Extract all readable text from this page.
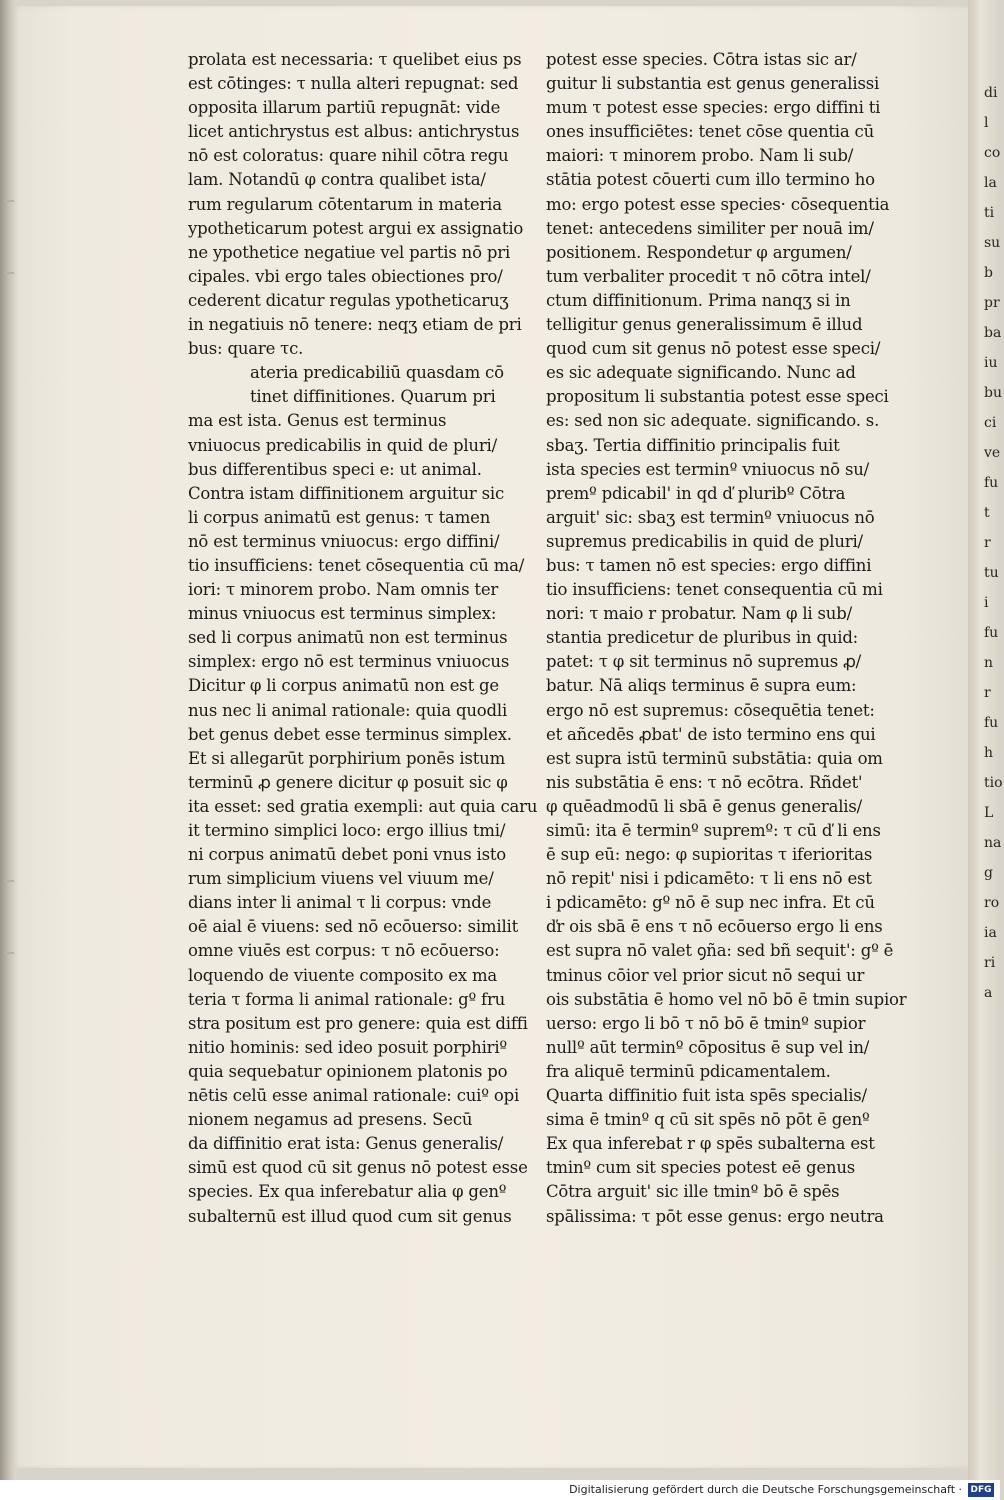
prolata est necessaria: τ quelibet eius ps
est cōtinges: τ nulla alteri repugnat: sed
opposita illarum partiū repugnāt: vide
licet antichrystus est albus: antichrystus
nō est coloratus: quare nihil cōtra regu
lam. Notandū φ contra qualibet ista/
rum regularum cōtentarum in materia
ypotheticarum potest argui ex assignatio
ne ypothetice negatiue vel partis nō pri
cipales. vbi ergo tales obiectiones pro/
cederent dicatur regulas ypotheticaruʒ
in negatiuis nō tenere: neqʒ etiam de pri
bus: quare τc.
ateria predicabiliū quasdam cō
tinet diffinitiones. Quarum pri
ma est ista. Genus est terminus
vniuocus predicabilis in quid de pluri/
bus differentibus speci e: ut animal.
Contra istam diffinitionem arguitur sic
li corpus animatū est genus: τ tamen
nō est terminus vniuocus: ergo diffini/
tio insufficiens: tenet cōsequentia cū ma/
iori: τ minorem probo. Nam omnis ter
minus vniuocus est terminus simplex:
sed li corpus animatū non est terminus
simplex: ergo nō est terminus vniuocus
Dicitur φ li corpus animatū non est ge
nus nec li animal rationale: quia quodli
bet genus debet esse terminus simplex.
Et si allegarūt porphirium ponēs istum
terminū ꝓ genere dicitur φ posuit sic φ
ita esset: sed gratia exempli: aut quia caru
it termino simplici loco: ergo illius tmi/
ni corpus animatū debet poni vnus isto
rum simplicium viuens vel viuum me/
dians inter li animal τ li corpus: vnde
oē aial ē viuens: sed nō ecōuerso: similit
omne viuēs est corpus: τ nō ecōuerso:
loquendo de viuente composito ex ma
teria τ forma li animal rationale: gº fru
stra positum est pro genere: quia est diffi
nitio hominis: sed ideo posuit porphiriº
quia sequebatur opinionem platonis po
nētis celū esse animal rationale: cuiº opi
nionem negamus ad presens. Secū
da diffinitio erat ista: Genus generalis/
simū est quod cū sit genus nō potest esse
species. Ex qua inferebatur alia φ genº
subalternū est illud quod cum sit genus
potest esse species. Cōtra istas sic ar/
guitur li substantia est genus generalissi
mum τ potest esse species: ergo diffini ti
ones insufficiētes: tenet cōse quentia cū
maiori: τ minorem probo. Nam li sub/
stātia potest cōuerti cum illo termino ho
mo: ergo potest esse species· cōsequentia
tenet: antecedens similiter per nouā im/
positionem. Respondetur φ argumen/
tum verbaliter procedit τ nō cōtra intel/
ctum diffinitionum. Prima nanqʒ si in
telligitur genus generalissimum ē illud
quod cum sit genus nō potest esse speci/
es sic adequate significando. Nunc ad
propositum li substantia potest esse speci
es: sed non sic adequate. significando. s.
sbaʒ. Tertia diffinitio principalis fuit
ista species est terminº vniuocus nō su/
premº pdicabil' in qd ď pluribº Cōtra
arguit' sic: sbaʒ est terminº vniuocus nō
supremus predicabilis in quid de pluri/
bus: τ tamen nō est species: ergo diffini
tio insufficiens: tenet consequentia cū mi
nori: τ maio r probatur. Nam φ li sub/
stantia predicetur de pluribus in quid:
patet: τ φ sit terminus nō supremus ꝓ/
batur. Nā aliqs terminus ē supra eum:
ergo nō est supremus: cōsequētia tenet:
et añcedēs ꝓbat' de isto termino ens qui
est supra istū terminū substātia: quia om
nis substātia ē ens: τ nō ecōtra. Rñdet'
φ quēadmodū li sbā ē genus generalis/
simū: ita ē terminº supremº: τ cū ď li ens
ē sup eū: nego: φ supioritas τ iferioritas
nō repit' nisi i pdicamēto: τ li ens nō est
i pdicamēto: gº nō ē sup nec infra. Et cū
ďr ois sbā ē ens τ nō ecōuerso ergo li ens
est supra nō valet ꝯña: sed bñ sequit': gº ē
tminus cōior vel prior sicut nō sequi ur
ois substātia ē homo vel nō bō ē tmin supior
uerso: ergo li bō τ nō bō ē tminº supior
nullº aūt terminº cōpositus ē sup vel in/
fra aliquē terminū pdicamentalem.
Quarta diffinitio fuit ista spēs specialis/
sima ē tminº q cū sit spēs nō pōt ē genº
Ex qua inferebat r φ spēs subalterna est
tminº cum sit species potest eē genus
Cōtra arguit' sic ille tminº bō ē spēs
spālissima: τ pōt esse genus: ergo neutra
di
l
co
la
ti
su
b
pr
ba
iu
bu
ci
ve
fu
t
r
tu
i
fu
n
r
fu
h
tio
L
na
g
ro
ia
ri
a
Digitalisierung gefördert durch die Deutsche Forschungsgemeinschaft · DFG
